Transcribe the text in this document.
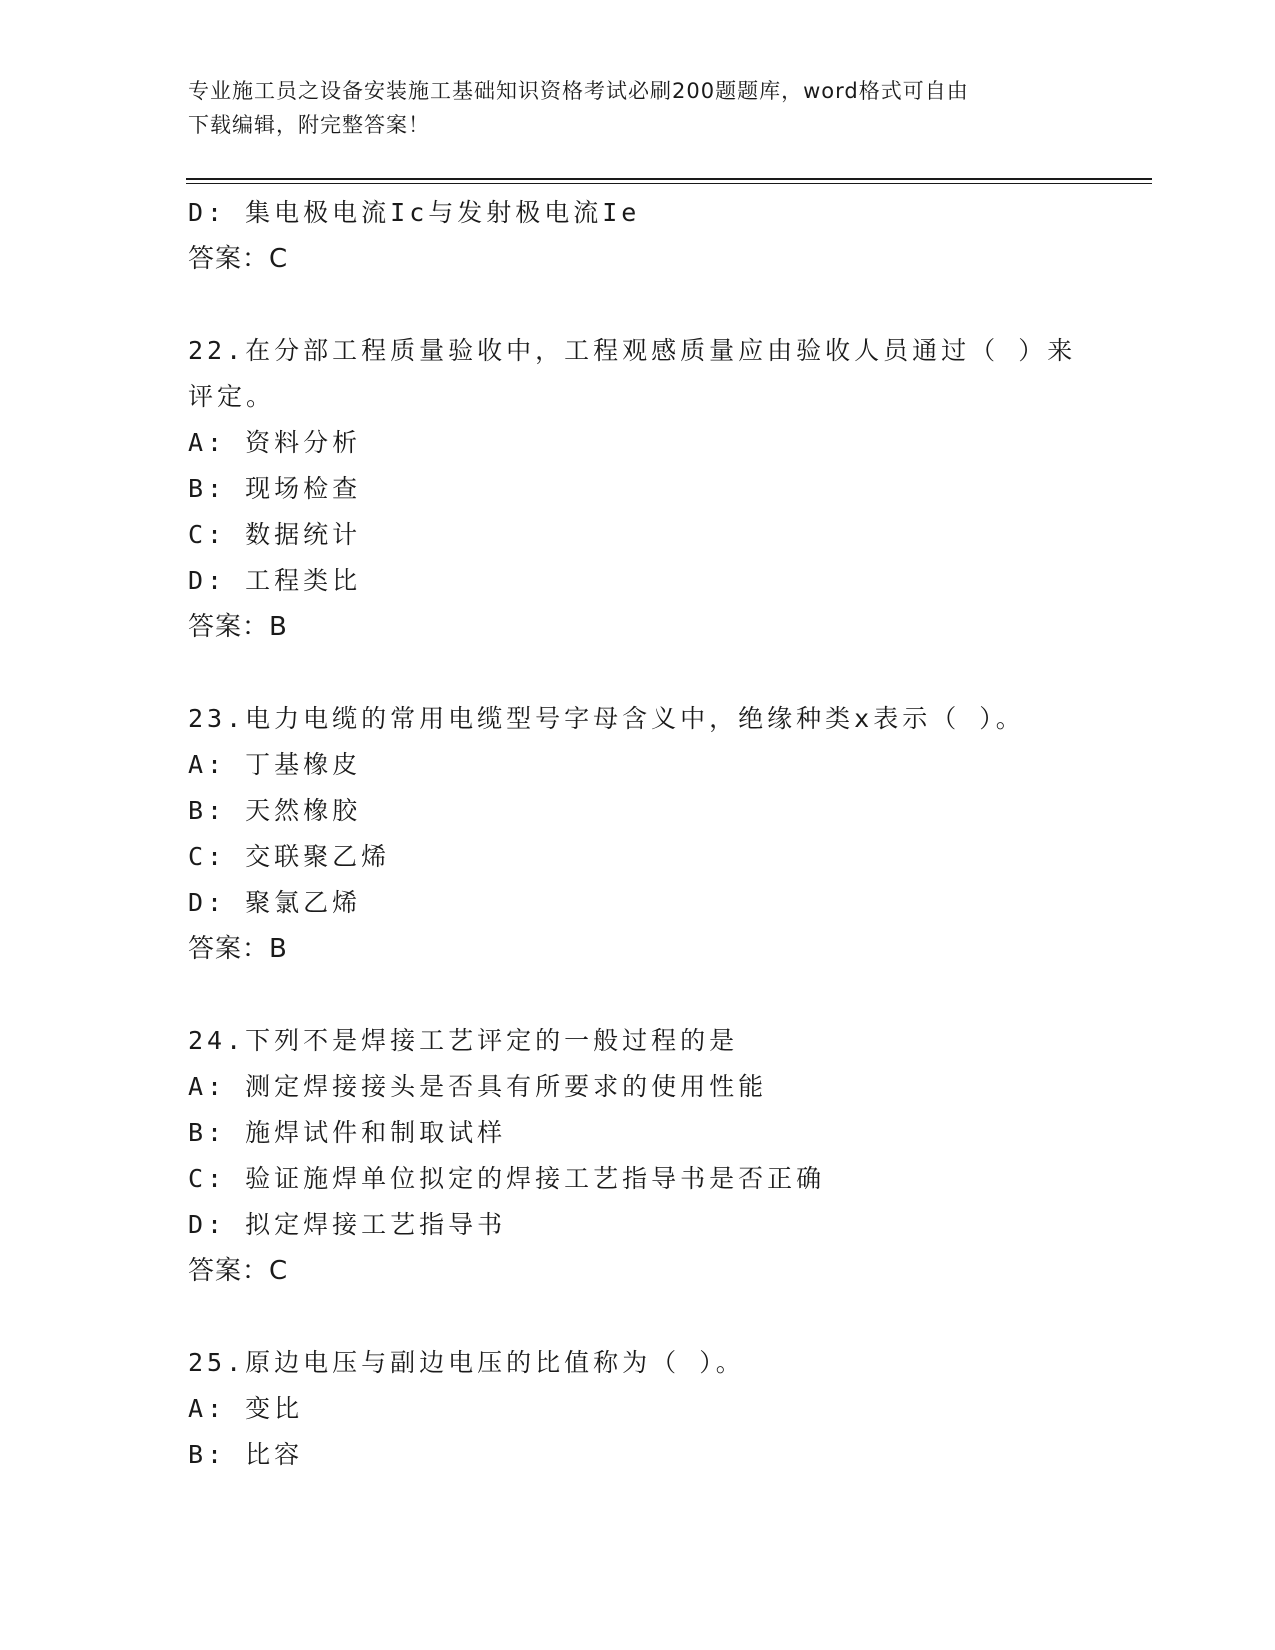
专业施工员之设备安装施工基础知识资格考试必刷200题题库，word格式可自由
下载编辑，附完整答案！
D: 集电极电流Ic与发射极电流Ie
答案：C
22.在分部工程质量验收中，工程观感质量应由验收人员通过（ ）来
评定。
A: 资料分析
B: 现场检查
C: 数据统计
D: 工程类比
答案：B
23.电力电缆的常用电缆型号字母含义中，绝缘种类x表示（ ）。
A: 丁基橡皮
B: 天然橡胶
C: 交联聚乙烯
D: 聚氯乙烯
答案：B
24.下列不是焊接工艺评定的一般过程的是
A: 测定焊接接头是否具有所要求的使用性能
B: 施焊试件和制取试样
C: 验证施焊单位拟定的焊接工艺指导书是否正确
D: 拟定焊接工艺指导书
答案：C
25.原边电压与副边电压的比值称为（ ）。
A: 变比
B: 比容
